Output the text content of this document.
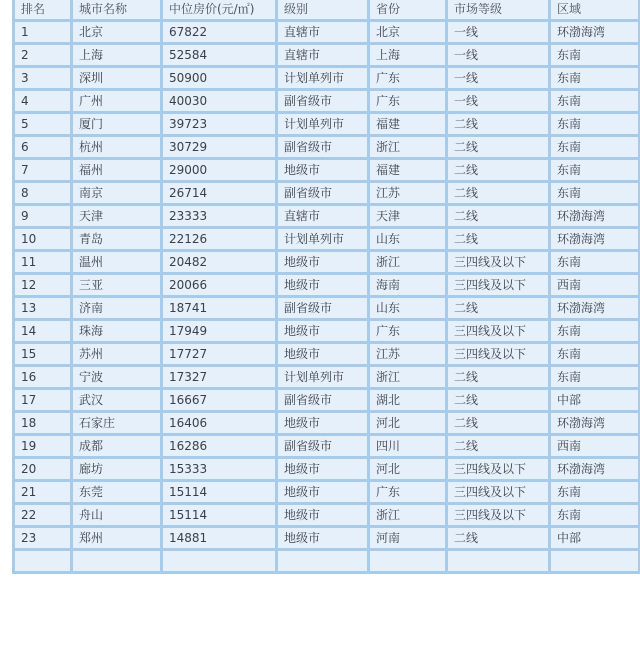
排名	城市名称	中位房价(元/㎡)	级别	省份	市场等级	区域
1	北京	67822	直辖市	北京	一线	环渤海湾
2	上海	52584	直辖市	上海	一线	东南
3	深圳	50900	计划单列市	广东	一线	东南
4	广州	40030	副省级市	广东	一线	东南
5	厦门	39723	计划单列市	福建	二线	东南
6	杭州	30729	副省级市	浙江	二线	东南
7	福州	29000	地级市	福建	二线	东南
8	南京	26714	副省级市	江苏	二线	东南
9	天津	23333	直辖市	天津	二线	环渤海湾
10	青岛	22126	计划单列市	山东	二线	环渤海湾
11	温州	20482	地级市	浙江	三四线及以下	东南
12	三亚	20066	地级市	海南	三四线及以下	西南
13	济南	18741	副省级市	山东	二线	环渤海湾
14	珠海	17949	地级市	广东	三四线及以下	东南
15	苏州	17727	地级市	江苏	三四线及以下	东南
16	宁波	17327	计划单列市	浙江	二线	东南
17	武汉	16667	副省级市	湖北	二线	中部
18	石家庄	16406	地级市	河北	二线	环渤海湾
19	成都	16286	副省级市	四川	二线	西南
20	廊坊	15333	地级市	河北	三四线及以下	环渤海湾
21	东莞	15114	地级市	广东	三四线及以下	东南
22	舟山	15114	地级市	浙江	三四线及以下	东南
23	郑州	14881	地级市	河南	二线	中部

快传号 / 已有主
